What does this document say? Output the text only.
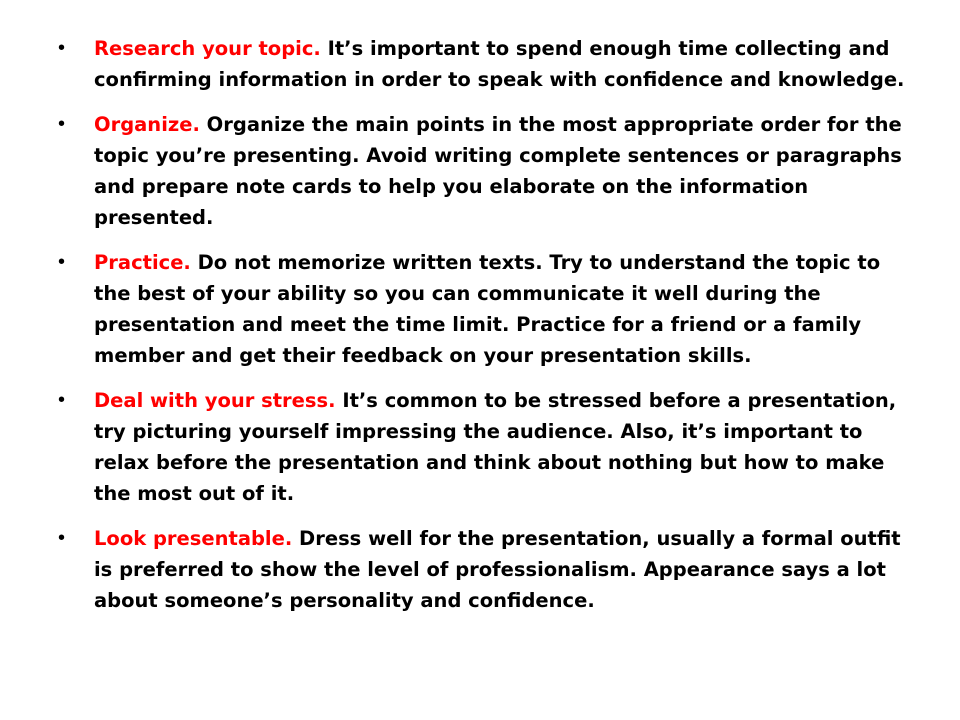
• Research your topic. It’s important to spend enough time collecting and confirming information in order to speak with confidence and knowledge.
• Organize. Organize the main points in the most appropriate order for the topic you’re presenting. Avoid writing complete sentences or paragraphs and prepare note cards to help you elaborate on the information presented.
• Practice. Do not memorize written texts. Try to understand the topic to the best of your ability so you can communicate it well during the presentation and meet the time limit. Practice for a friend or a family member and get their feedback on your presentation skills.
• Deal with your stress. It’s common to be stressed before a presentation, try picturing yourself impressing the audience. Also, it’s important to relax before the presentation and think about nothing but how to make the most out of it.
• Look presentable. Dress well for the presentation, usually a formal outfit is preferred to show the level of professionalism. Appearance says a lot about someone’s personality and confidence.
